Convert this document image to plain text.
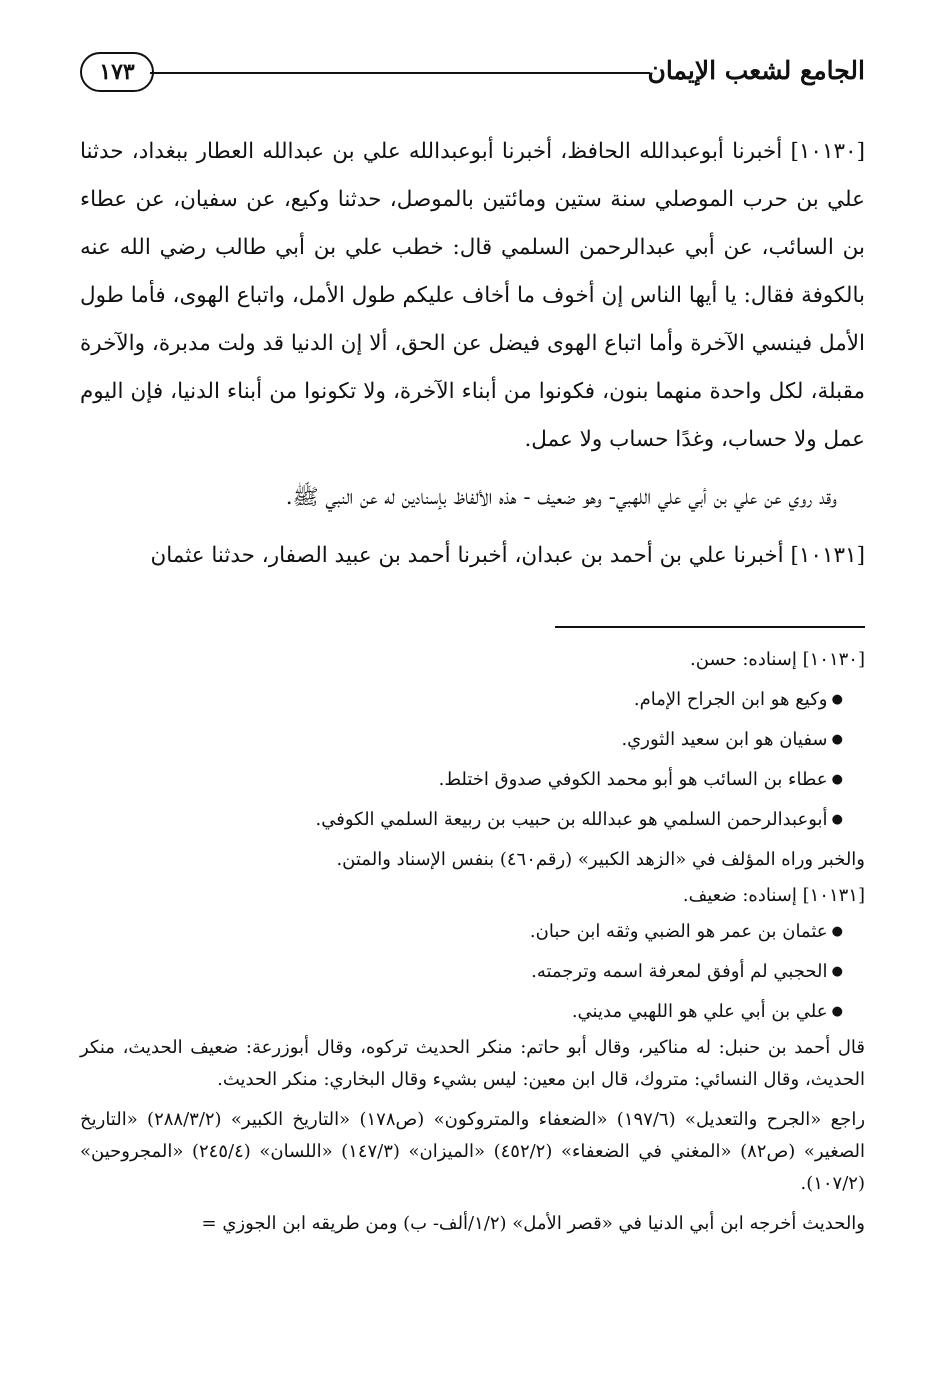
الجامع لشعب الإيمان
١٧٣

[١٠١٣٠] أخبرنا أبوعبدالله الحافظ، أخبرنا أبوعبدالله علي بن عبدالله العطار ببغداد، حدثنا علي بن حرب الموصلي سنة ستين ومائتين بالموصل، حدثنا وكيع، عن سفيان، عن عطاء بن السائب، عن أبي عبدالرحمن السلمي قال: خطب علي بن أبي طالب رضي الله عنه بالكوفة فقال: يا أيها الناس إن أخوف ما أخاف عليكم طول الأمل، واتباع الهوى، فأما طول الأمل فينسي الآخرة وأما اتباع الهوى فيضل عن الحق، ألا إن الدنيا قد ولت مدبرة، والآخرة مقبلة، لكل واحدة منهما بنون، فكونوا من أبناء الآخرة، ولا تكونوا من أبناء الدنيا، فإن اليوم عمل ولا حساب، وغدًا حساب ولا عمل.

وقد روي عن علي بن أبي علي اللهبي- وهو ضعيف - هذه الألفاظ بإسنادين له عن النبي ﷺ.

[١٠١٣١] أخبرنا علي بن أحمد بن عبدان، أخبرنا أحمد بن عبيد الصفار، حدثنا عثمان

[١٠١٣٠] إسناده: حسن.

● وكيع هو ابن الجراح الإمام.

● سفيان هو ابن سعيد الثوري.

● عطاء بن السائب هو أبو محمد الكوفي صدوق اختلط.

● أبوعبدالرحمن السلمي هو عبدالله بن حبيب بن ربيعة السلمي الكوفي.

والخبر وراه المؤلف في «الزهد الكبير» (رقم٤٦٠) بنفس الإسناد والمتن.

[١٠١٣١] إسناده: ضعيف.

● عثمان بن عمر هو الضبي وثقه ابن حبان.

● الحجبي لم أوفق لمعرفة اسمه وترجمته.

● علي بن أبي علي هو اللهبي مديني.

قال أحمد بن حنبل: له مناكير، وقال أبو حاتم: منكر الحديث تركوه، وقال أبوزرعة: ضعيف الحديث، منكر الحديث، وقال النسائي: متروك، قال ابن معين: ليس بشيء وقال البخاري: منكر الحديث.

راجع «الجرح والتعديل» (١٩٧/٦) «الضعفاء والمتروكون» (ص١٧٨) «التاريخ الكبير» (٢٨٨/٣/٢) «التاريخ الصغير» (ص٨٢) «المغني في الضعفاء» (٤٥٢/٢) «الميزان» (١٤٧/٣) «اللسان» (٢٤٥/٤) «المجروحين» (١٠٧/٢).

والحديث أخرجه ابن أبي الدنيا في «قصر الأمل» (١/٢/ألف- ب) ومن طريقه ابن الجوزي =
